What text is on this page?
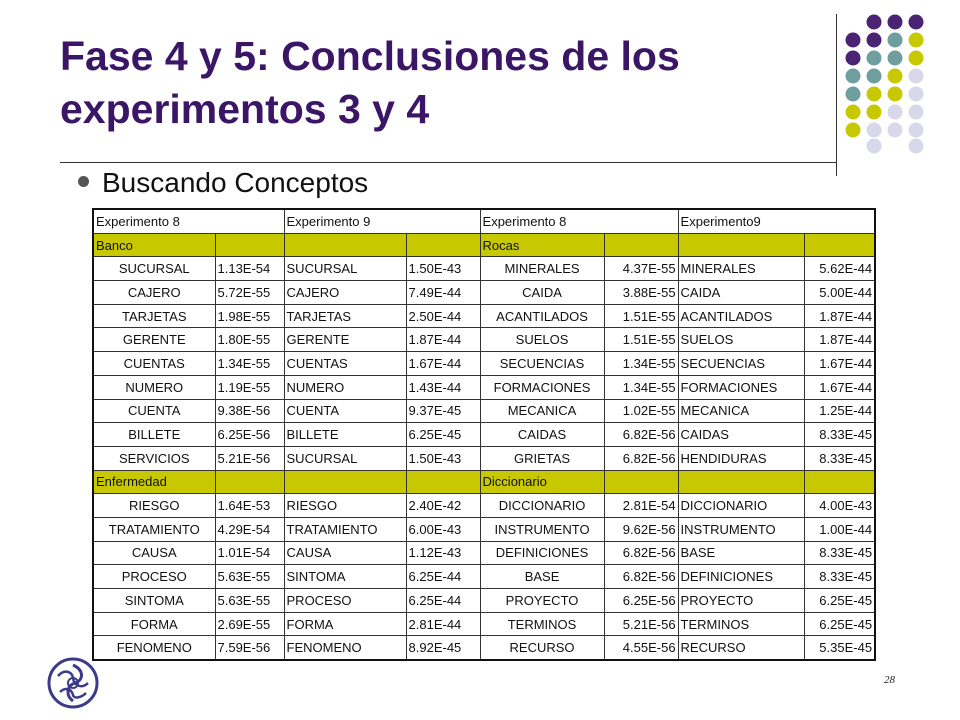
Fase 4 y 5: Conclusiones de los experimentos 3 y 4
Buscando Conceptos
Experimento 8		Experimento 9		Experimento 8		Experimento9	
Banco				Rocas			
SUCURSAL	1.13E-54	SUCURSAL	1.50E-43	MINERALES	4.37E-55	MINERALES	5.62E-44
CAJERO	5.72E-55	CAJERO	7.49E-44	CAIDA	3.88E-55	CAIDA	5.00E-44
TARJETAS	1.98E-55	TARJETAS	2.50E-44	ACANTILADOS	1.51E-55	ACANTILADOS	1.87E-44
GERENTE	1.80E-55	GERENTE	1.87E-44	SUELOS	1.51E-55	SUELOS	1.87E-44
CUENTAS	1.34E-55	CUENTAS	1.67E-44	SECUENCIAS	1.34E-55	SECUENCIAS	1.67E-44
NUMERO	1.19E-55	NUMERO	1.43E-44	FORMACIONES	1.34E-55	FORMACIONES	1.67E-44
CUENTA	9.38E-56	CUENTA	9.37E-45	MECANICA	1.02E-55	MECANICA	1.25E-44
BILLETE	6.25E-56	BILLETE	6.25E-45	CAIDAS	6.82E-56	CAIDAS	8.33E-45
SERVICIOS	5.21E-56	SUCURSAL	1.50E-43	GRIETAS	6.82E-56	HENDIDURAS	8.33E-45
Enfermedad				Diccionario			
RIESGO	1.64E-53	RIESGO	2.40E-42	DICCIONARIO	2.81E-54	DICCIONARIO	4.00E-43
TRATAMIENTO	4.29E-54	TRATAMIENTO	6.00E-43	INSTRUMENTO	9.62E-56	INSTRUMENTO	1.00E-44
CAUSA	1.01E-54	CAUSA	1.12E-43	DEFINICIONES	6.82E-56	BASE	8.33E-45
PROCESO	5.63E-55	SINTOMA	6.25E-44	BASE	6.82E-56	DEFINICIONES	8.33E-45
SINTOMA	5.63E-55	PROCESO	6.25E-44	PROYECTO	6.25E-56	PROYECTO	6.25E-45
FORMA	2.69E-55	FORMA	2.81E-44	TERMINOS	5.21E-56	TERMINOS	6.25E-45
FENOMENO	7.59E-56	FENOMENO	8.92E-45	RECURSO	4.55E-56	RECURSO	5.35E-45
28
